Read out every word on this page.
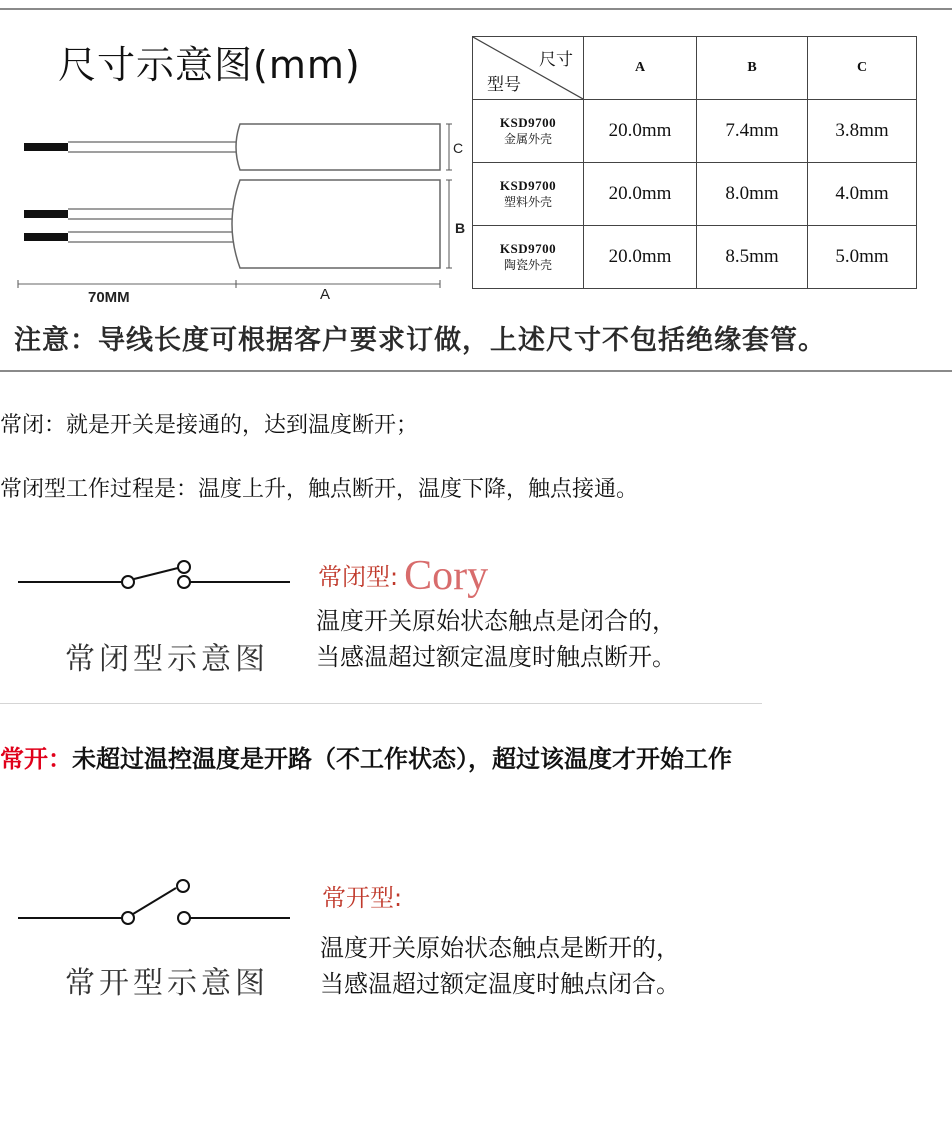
尺寸示意图(mm)
C
B
70MM	A
尺寸
型号	A	B	C

KSD9700
金属外壳	20.0mm	7.4mm	3.8mm

KSD9700
塑料外壳	20.0mm	8.0mm	4.0mm

KSD9700
陶瓷外壳	20.0mm	8.5mm	5.0mm
注意：导线长度可根据客户要求订做，上述尺寸不包括绝缘套管。
常闭：就是开关是接通的，达到温度断开；
常闭型工作过程是：温度上升，触点断开，温度下降，触点接通。
常闭型示意图
常闭型: Cory
温度开关原始状态触点是闭合的，
当感温超过额定温度时触点断开。
常开：未超过温控温度是开路（不工作状态），超过该温度才开始工作
常开型示意图
常开型:
温度开关原始状态触点是断开的，
当感温超过额定温度时触点闭合。
